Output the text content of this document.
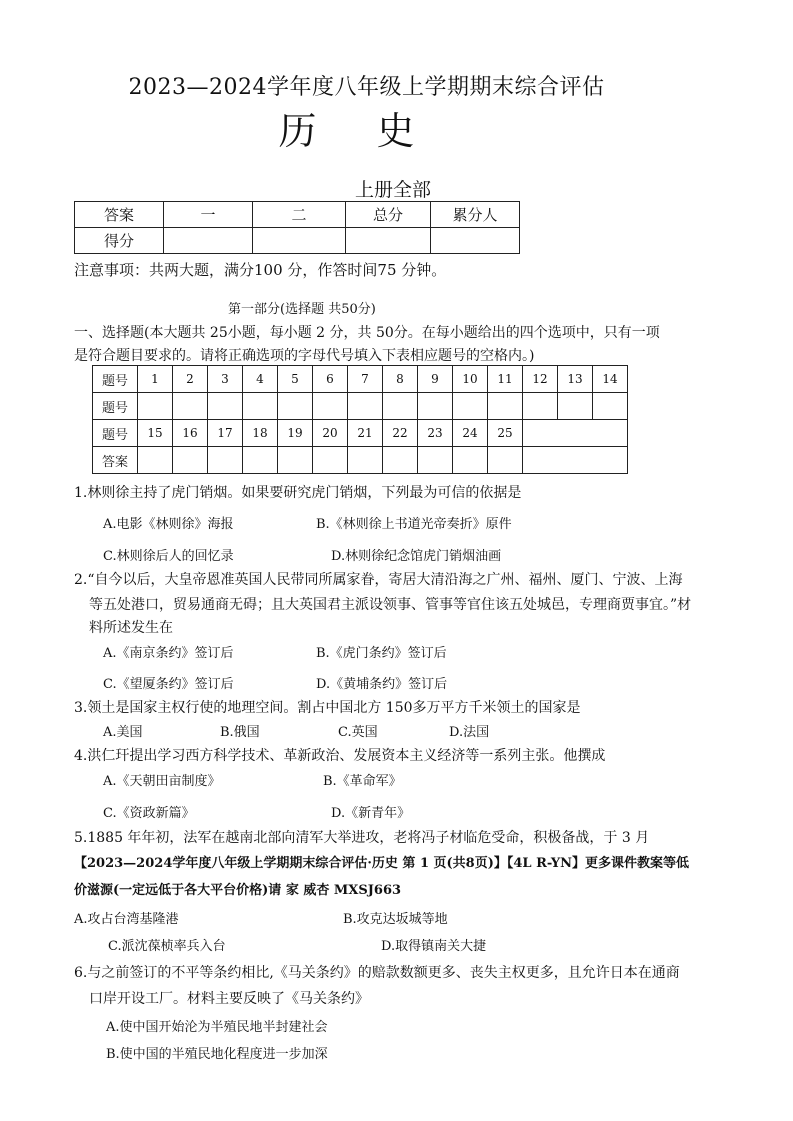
2023—2024学年度八年级上学期期末综合评估
历史
上册全部
答案	一	二	总分	累分人
得分				
注意事项：共两大题，满分100 分，作答时间75 分钟。
第一部分(选择题 共50分)
一、选择题(本大题共 25小题，每小题 2 分，共 50分。在每小题给出的四个选项中，只有一项
是符合题目要求的。请将正确选项的字母代号填入下表相应题号的空格内。)
题号	1	2	3	4	5	6	7	8	9	10	11	12	13	14
题号														
题号	15	16	17	18	19	20	21	22	23	24	25			
答案														
1.林则徐主持了虎门销烟。如果要研究虎门销烟，下列最为可信的依据是
A.电影《林则徐》海报	B.《林则徐上书道光帝奏折》原件
C.林则徐后人的回忆录	D.林则徐纪念馆虎门销烟油画
2.“自今以后，大皇帝恩准英国人民带同所属家眷，寄居大清沿海之广州、福州、厦门、宁波、上海
等五处港口，贸易通商无碍；且大英国君主派设领事、管事等官住该五处城邑，专理商贾事宜。”材
料所述发生在
A.《南京条约》签订后	B.《虎门条约》签订后
C.《望厦条约》签订后	D.《黄埔条约》签订后
3.领土是国家主权行使的地理空间。割占中国北方 150多万平方千米领土的国家是
A.美国	B.俄国	C.英国	D.法国
4.洪仁玕提出学习西方科学技术、革新政治、发展资本主义经济等一系列主张。他撰成
A.《天朝田亩制度》	B.《革命军》
C.《资政新篇》	D.《新青年》
5.1885 年年初，法军在越南北部向清军大举进攻，老将冯子材临危受命，积极备战，于 3 月
【2023—2024学年度八年级上学期期末综合评估·历史 第 1 页(共8页)】【4L R-YN】更多课件教案等低
价滋源(一定远低于各大平台价格)请 家 威杏 MXSJ663
A.攻占台湾基隆港	B.攻克达坂城等地
C.派沈葆桢率兵入台	D.取得镇南关大捷
6.与之前签订的不平等条约相比,《马关条约》的赔款数额更多、丧失主权更多，且允许日本在通商
口岸开设工厂。材料主要反映了《马关条约》
A.使中国开始沦为半殖民地半封建社会
B.使中国的半殖民地化程度进一步加深
